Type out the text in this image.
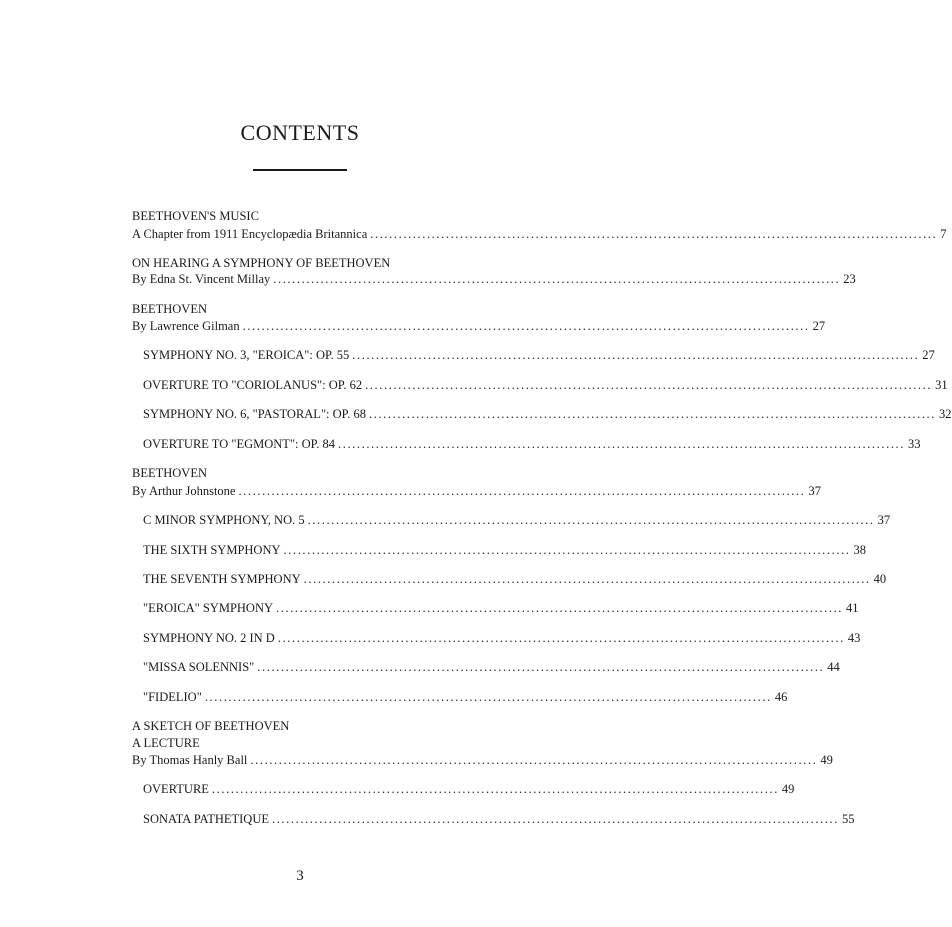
CONTENTS
BEETHOVEN'S MUSIC
A Chapter from 1911 Encyclopædia Britannica ........................................................................................................................ 7
ON HEARING A SYMPHONY OF BEETHOVEN
By Edna St. Vincent Millay ........................................................................................................................ 23
BEETHOVEN
By Lawrence Gilman ........................................................................................................................ 27
SYMPHONY NO. 3, "EROICA": OP. 55 ........................................................................................................................ 27
OVERTURE TO "CORIOLANUS": OP. 62 ........................................................................................................................ 31
SYMPHONY NO. 6, "PASTORAL": OP. 68 ........................................................................................................................ 32
OVERTURE TO "EGMONT": OP. 84 ........................................................................................................................ 33
BEETHOVEN
By Arthur Johnstone ........................................................................................................................ 37
C MINOR SYMPHONY, NO. 5 ........................................................................................................................ 37
THE SIXTH SYMPHONY ........................................................................................................................ 38
THE SEVENTH SYMPHONY ........................................................................................................................ 40
"EROICA" SYMPHONY ........................................................................................................................ 41
SYMPHONY NO. 2 IN D ........................................................................................................................ 43
"MISSA SOLENNIS" ........................................................................................................................ 44
"FIDELIO" ........................................................................................................................ 46
A SKETCH OF BEETHOVEN
A LECTURE
By Thomas Hanly Ball ........................................................................................................................ 49
OVERTURE ........................................................................................................................ 49
SONATA PATHETIQUE ........................................................................................................................ 55
3
